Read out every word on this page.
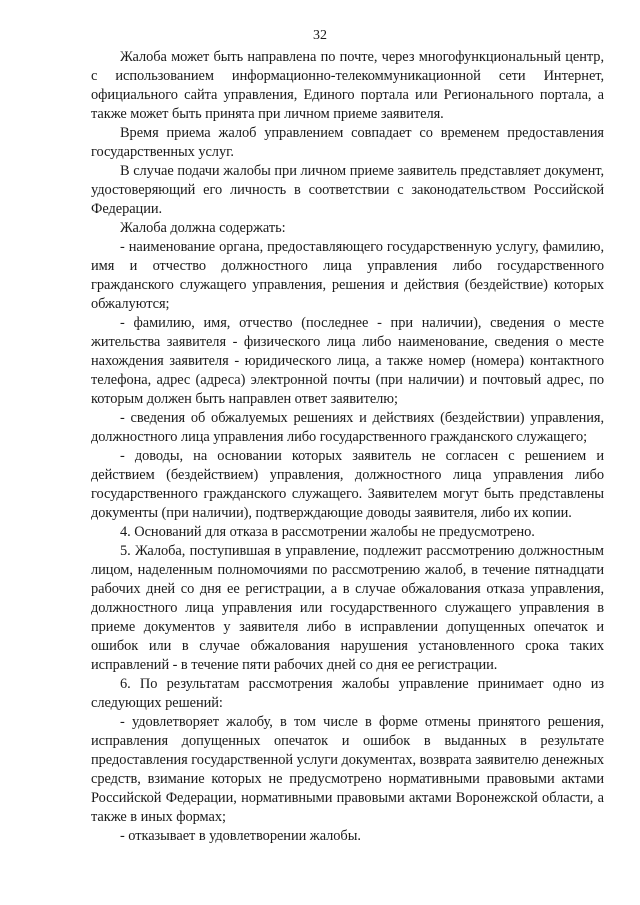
32

Жалоба может быть направлена по почте, через многофункциональный центр, с использованием информационно-телекоммуникационной сети Интернет, официального сайта управления, Единого портала или Регионального портала, а также может быть принята при личном приеме заявителя.

Время приема жалоб управлением совпадает со временем предоставления государственных услуг.

В случае подачи жалобы при личном приеме заявитель представляет документ, удостоверяющий его личность в соответствии с законодательством Российской Федерации.

Жалоба должна содержать:

- наименование органа, предоставляющего государственную услугу, фамилию, имя и отчество должностного лица управления либо государственного гражданского служащего управления, решения и действия (бездействие) которых обжалуются;

- фамилию, имя, отчество (последнее - при наличии), сведения о месте жительства заявителя - физического лица либо наименование, сведения о месте нахождения заявителя - юридического лица, а также номер (номера) контактного телефона, адрес (адреса) электронной почты (при наличии) и почтовый адрес, по которым должен быть направлен ответ заявителю;

- сведения об обжалуемых решениях и действиях (бездействии) управления, должностного лица управления либо государственного гражданского служащего;

- доводы, на основании которых заявитель не согласен с решением и действием (бездействием) управления, должностного лица управления либо государственного гражданского служащего. Заявителем могут быть представлены документы (при наличии), подтверждающие доводы заявителя, либо их копии.

4. Оснований для отказа в рассмотрении жалобы не предусмотрено.

5. Жалоба, поступившая в управление, подлежит рассмотрению должностным лицом, наделенным полномочиями по рассмотрению жалоб, в течение пятнадцати рабочих дней со дня ее регистрации, а в случае обжалования отказа управления, должностного лица управления или государственного служащего управления в приеме документов у заявителя либо в исправлении допущенных опечаток и ошибок или в случае обжалования нарушения установленного срока таких исправлений - в течение пяти рабочих дней со дня ее регистрации.

6. По результатам рассмотрения жалобы управление принимает одно из следующих решений:

- удовлетворяет жалобу, в том числе в форме отмены принятого решения, исправления допущенных опечаток и ошибок в выданных в результате предоставления государственной услуги документах, возврата заявителю денежных средств, взимание которых не предусмотрено нормативными правовыми актами Российской Федерации, нормативными правовыми актами Воронежской области, а также в иных формах;

- отказывает в удовлетворении жалобы.
